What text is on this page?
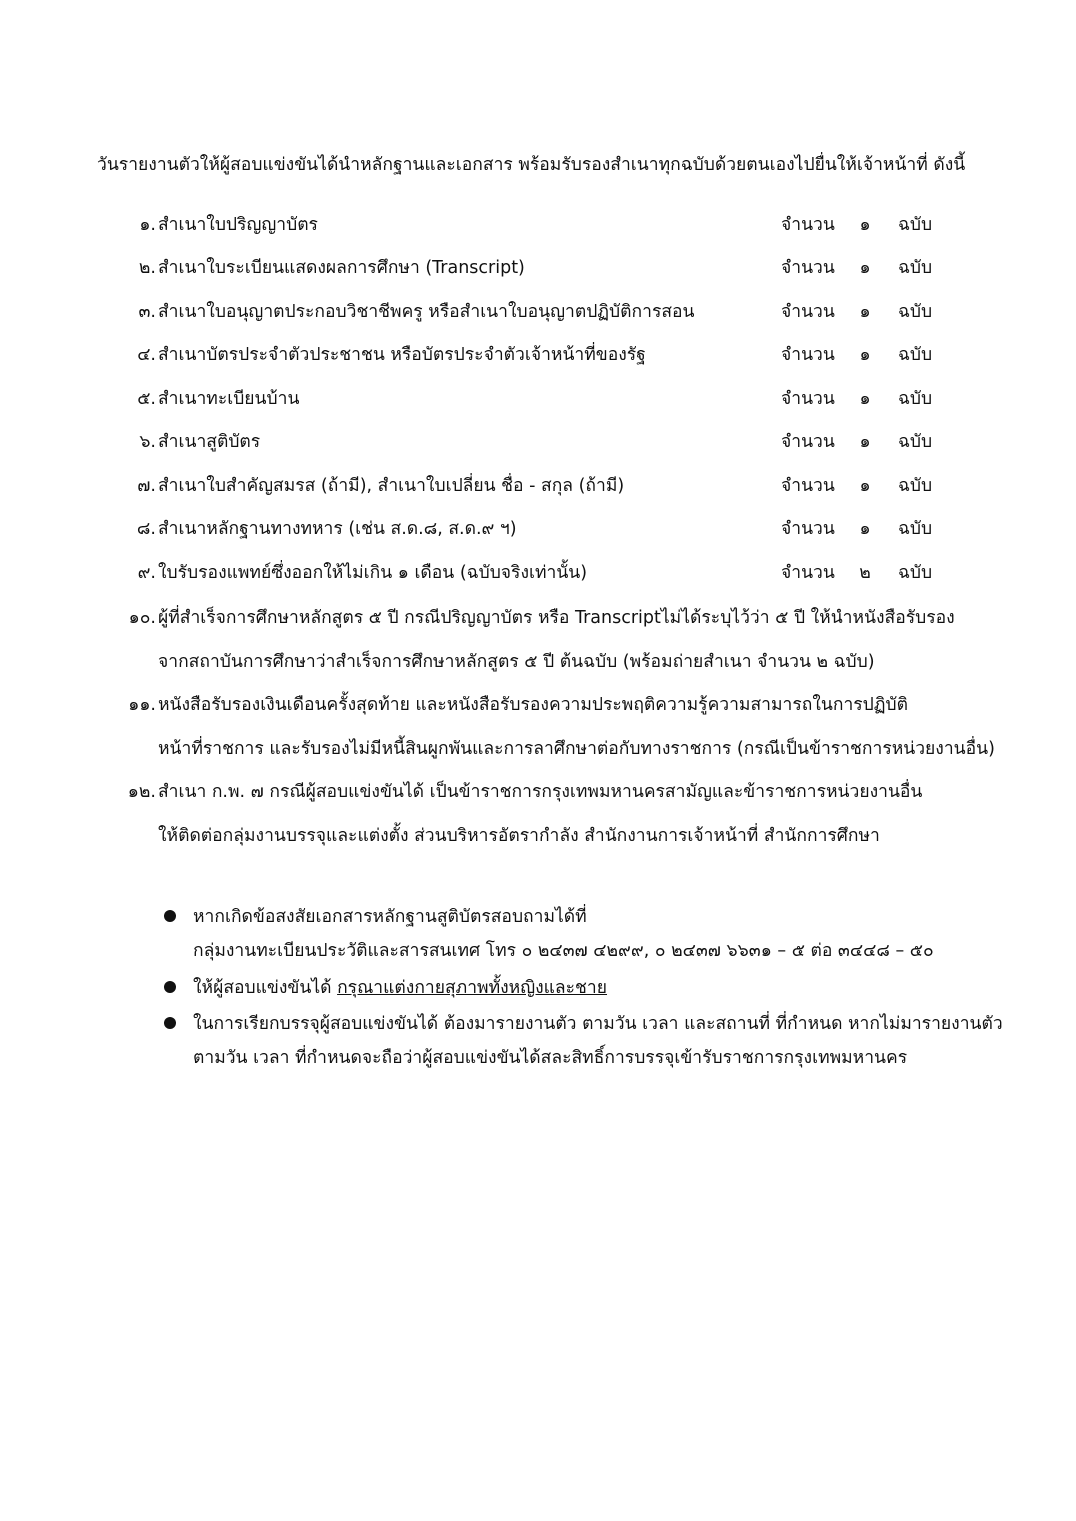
วันรายงานตัวให้ผู้สอบแข่งขันได้นำหลักฐานและเอกสาร พร้อมรับรองสำเนาทุกฉบับด้วยตนเองไปยื่นให้เจ้าหน้าที่ ดังนี้
๑. สำเนาใบปริญญาบัตร	จำนวน ๑ ฉบับ
๒. สำเนาใบระเบียนแสดงผลการศึกษา (Transcript)	จำนวน ๑ ฉบับ
๓. สำเนาใบอนุญาตประกอบวิชาชีพครู หรือสำเนาใบอนุญาตปฏิบัติการสอน	จำนวน ๑ ฉบับ
๔. สำเนาบัตรประจำตัวประชาชน หรือบัตรประจำตัวเจ้าหน้าที่ของรัฐ	จำนวน ๑ ฉบับ
๕. สำเนาทะเบียนบ้าน	จำนวน ๑ ฉบับ
๖. สำเนาสูติบัตร	จำนวน ๑ ฉบับ
๗. สำเนาใบสำคัญสมรส (ถ้ามี), สำเนาใบเปลี่ยน ชื่อ - สกุล (ถ้ามี)	จำนวน ๑ ฉบับ
๘. สำเนาหลักฐานทางทหาร (เช่น ส.ด.๘, ส.ด.๙ ฯ)	จำนวน ๑ ฉบับ
๙. ใบรับรองแพทย์ซึ่งออกให้ไม่เกิน ๑ เดือน (ฉบับจริงเท่านั้น)	จำนวน ๒ ฉบับ
๑๐. ผู้ที่สำเร็จการศึกษาหลักสูตร ๕ ปี กรณีปริญญาบัตร หรือ Transcriptไม่ได้ระบุไว้ว่า ๕ ปี ให้นำหนังสือรับรอง
จากสถาบันการศึกษาว่าสำเร็จการศึกษาหลักสูตร ๕ ปี ต้นฉบับ (พร้อมถ่ายสำเนา จำนวน ๒ ฉบับ)
๑๑. หนังสือรับรองเงินเดือนครั้งสุดท้าย และหนังสือรับรองความประพฤติความรู้ความสามารถในการปฏิบัติ
หน้าที่ราชการ และรับรองไม่มีหนี้สินผูกพันและการลาศึกษาต่อกับทางราชการ (กรณีเป็นข้าราชการหน่วยงานอื่น)
๑๒. สำเนา ก.พ. ๗ กรณีผู้สอบแข่งขันได้ เป็นข้าราชการกรุงเทพมหานครสามัญและข้าราชการหน่วยงานอื่น
ให้ติดต่อกลุ่มงานบรรจุและแต่งตั้ง ส่วนบริหารอัตรากำลัง สำนักงานการเจ้าหน้าที่ สำนักการศึกษา
หากเกิดข้อสงสัยเอกสารหลักฐานสูติบัตรสอบถามได้ที่
กลุ่มงานทะเบียนประวัติและสารสนเทศ โทร ๐ ๒๔๓๗ ๔๒๙๙, ๐ ๒๔๓๗ ๖๖๓๑ – ๕ ต่อ ๓๔๔๘ – ๕๐
ให้ผู้สอบแข่งขันได้ กรุณาแต่งกายสุภาพทั้งหญิงและชาย
ในการเรียกบรรจุผู้สอบแข่งขันได้ ต้องมารายงานตัว ตามวัน เวลา และสถานที่ ที่กำหนด หากไม่มารายงานตัว
ตามวัน เวลา ที่กำหนดจะถือว่าผู้สอบแข่งขันได้สละสิทธิ์การบรรจุเข้ารับราชการกรุงเทพมหานคร
